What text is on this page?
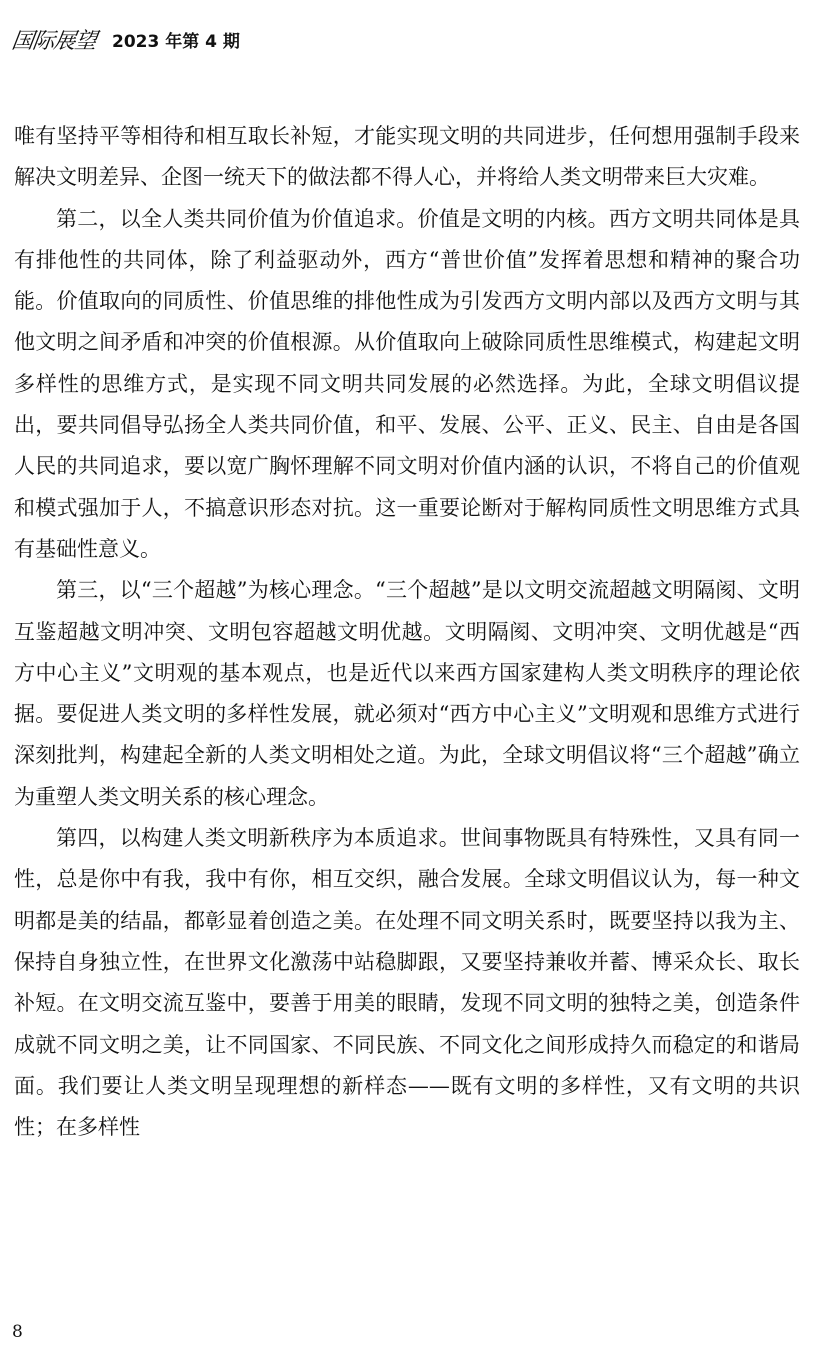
国际展望 2023 年第 4 期

唯有坚持平等相待和相互取长补短，才能实现文明的共同进步，任何想用强制手段来解决文明差异、企图一统天下的做法都不得人心，并将给人类文明带来巨大灾难。

第二，以全人类共同价值为价值追求。价值是文明的内核。西方文明共同体是具有排他性的共同体，除了利益驱动外，西方“普世价值”发挥着思想和精神的聚合功能。价值取向的同质性、价值思维的排他性成为引发西方文明内部以及西方文明与其他文明之间矛盾和冲突的价值根源。从价值取向上破除同质性思维模式，构建起文明多样性的思维方式，是实现不同文明共同发展的必然选择。为此，全球文明倡议提出，要共同倡导弘扬全人类共同价值，和平、发展、公平、正义、民主、自由是各国人民的共同追求，要以宽广胸怀理解不同文明对价值内涵的认识，不将自己的价值观和模式强加于人，不搞意识形态对抗。这一重要论断对于解构同质性文明思维方式具有基础性意义。

第三，以“三个超越”为核心理念。“三个超越”是以文明交流超越文明隔阂、文明互鉴超越文明冲突、文明包容超越文明优越。文明隔阂、文明冲突、文明优越是“西方中心主义”文明观的基本观点，也是近代以来西方国家建构人类文明秩序的理论依据。要促进人类文明的多样性发展，就必须对“西方中心主义”文明观和思维方式进行深刻批判，构建起全新的人类文明相处之道。为此，全球文明倡议将“三个超越”确立为重塑人类文明关系的核心理念。

第四，以构建人类文明新秩序为本质追求。世间事物既具有特殊性，又具有同一性，总是你中有我，我中有你，相互交织，融合发展。全球文明倡议认为，每一种文明都是美的结晶，都彰显着创造之美。在处理不同文明关系时，既要坚持以我为主、保持自身独立性，在世界文化激荡中站稳脚跟，又要坚持兼收并蓄、博采众长、取长补短。在文明交流互鉴中，要善于用美的眼睛，发现不同文明的独特之美，创造条件成就不同文明之美，让不同国家、不同民族、不同文化之间形成持久而稳定的和谐局面。我们要让人类文明呈现理想的新样态——既有文明的多样性，又有文明的共识性；在多样性

8
